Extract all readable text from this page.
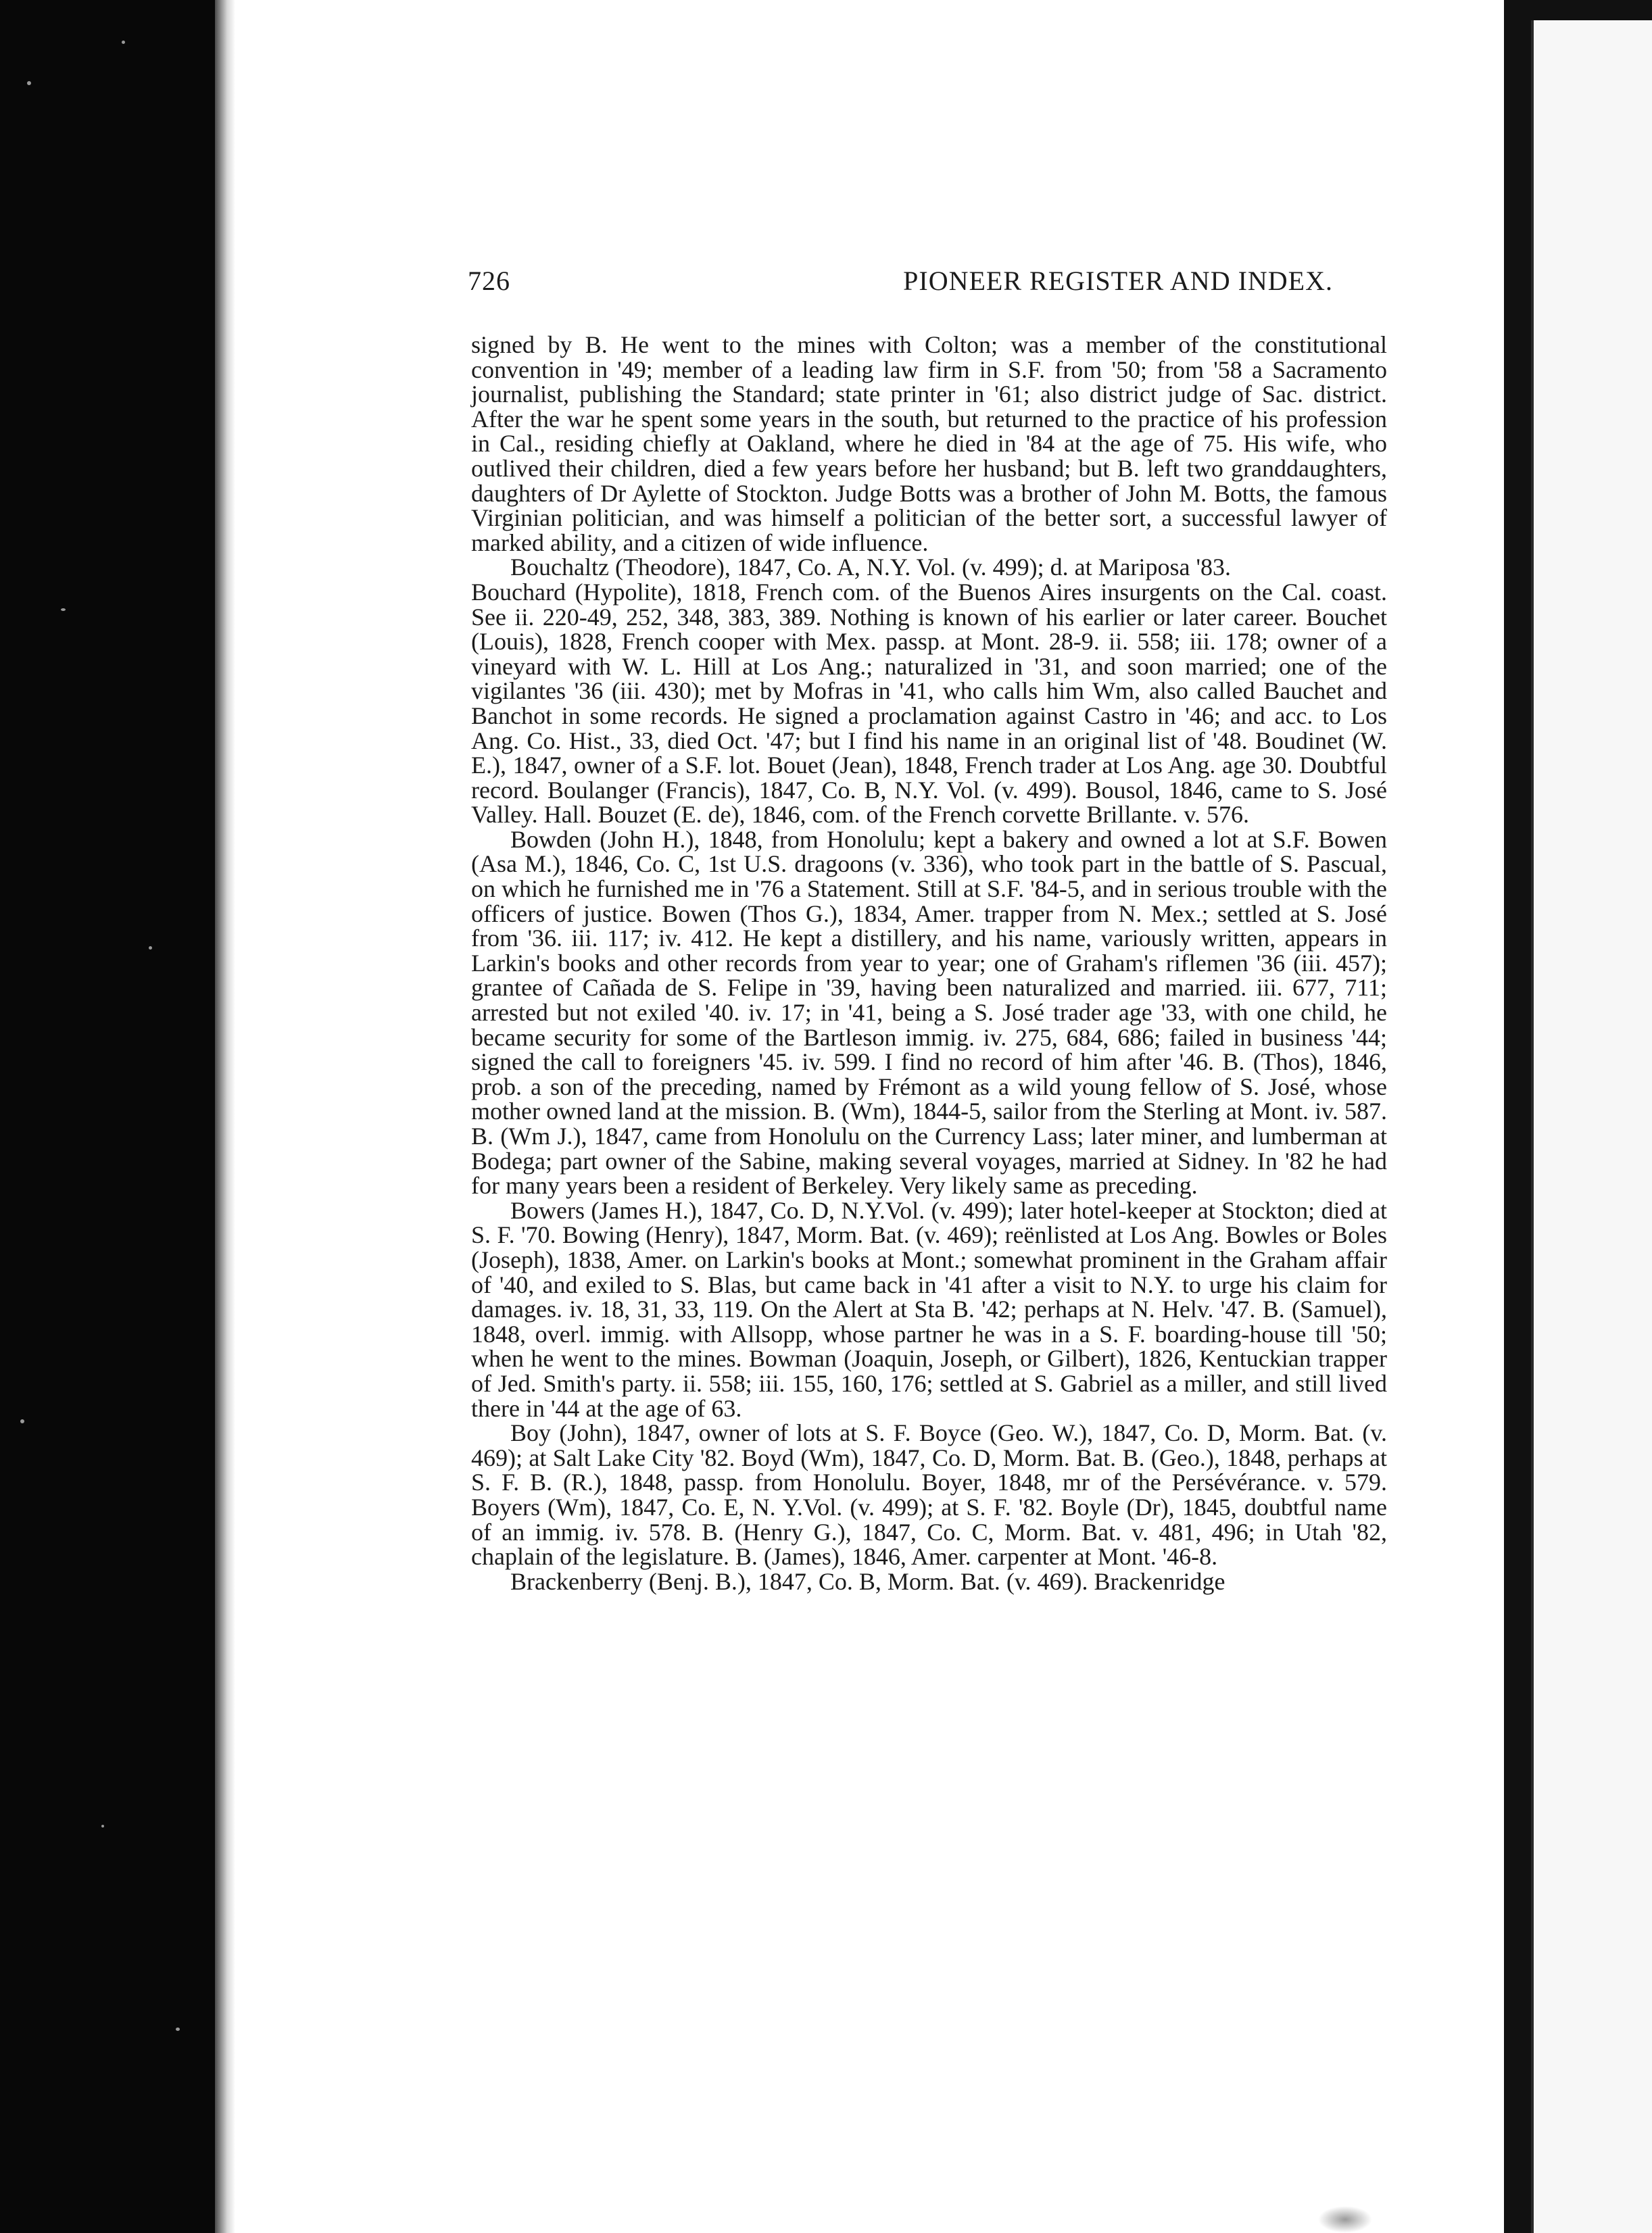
726	PIONEER REGISTER AND INDEX.

signed by B. He went to the mines with Colton; was a member of the constitutional convention in '49; member of a leading law firm in S.F. from '50; from '58 a Sacramento journalist, publishing the Standard; state printer in '61; also district judge of Sac. district. After the war he spent some years in the south, but returned to the practice of his profession in Cal., residing chiefly at Oakland, where he died in '84 at the age of 75. His wife, who outlived their children, died a few years before her husband; but B. left two granddaughters, daughters of Dr Aylette of Stockton. Judge Botts was a brother of John M. Botts, the famous Virginian politician, and was himself a politician of the better sort, a successful lawyer of marked ability, and a citizen of wide influence.

Bouchaltz (Theodore), 1847, Co. A, N.Y. Vol. (v. 499); d. at Mariposa '83.

Bouchard (Hypolite), 1818, French com. of the Buenos Aires insurgents on the Cal. coast. See ii. 220-49, 252, 348, 383, 389. Nothing is known of his earlier or later career. Bouchet (Louis), 1828, French cooper with Mex. passp. at Mont. 28-9. ii. 558; iii. 178; owner of a vineyard with W. L. Hill at Los Ang.; naturalized in '31, and soon married; one of the vigilantes '36 (iii. 430); met by Mofras in '41, who calls him Wm, also called Bauchet and Banchot in some records. He signed a proclamation against Castro in '46; and acc. to Los Ang. Co. Hist., 33, died Oct. '47; but I find his name in an original list of '48. Boudinet (W. E.), 1847, owner of a S.F. lot. Bouet (Jean), 1848, French trader at Los Ang. age 30. Doubtful record. Boulanger (Francis), 1847, Co. B, N.Y. Vol. (v. 499). Bousol, 1846, came to S. José Valley. Hall. Bouzet (E. de), 1846, com. of the French corvette Brillante. v. 576.

Bowden (John H.), 1848, from Honolulu; kept a bakery and owned a lot at S.F. Bowen (Asa M.), 1846, Co. C, 1st U.S. dragoons (v. 336), who took part in the battle of S. Pascual, on which he furnished me in '76 a Statement. Still at S.F. '84-5, and in serious trouble with the officers of justice. Bowen (Thos G.), 1834, Amer. trapper from N. Mex.; settled at S. José from '36. iii. 117; iv. 412. He kept a distillery, and his name, variously written, appears in Larkin's books and other records from year to year; one of Graham's riflemen '36 (iii. 457); grantee of Cañada de S. Felipe in '39, having been naturalized and married. iii. 677, 711; arrested but not exiled '40. iv. 17; in '41, being a S. José trader age '33, with one child, he became security for some of the Bartleson immig. iv. 275, 684, 686; failed in business '44; signed the call to foreigners '45. iv. 599. I find no record of him after '46. B. (Thos), 1846, prob. a son of the preceding, named by Frémont as a wild young fellow of S. José, whose mother owned land at the mission. B. (Wm), 1844-5, sailor from the Sterling at Mont. iv. 587. B. (Wm J.), 1847, came from Honolulu on the Currency Lass; later miner, and lumberman at Bodega; part owner of the Sabine, making several voyages, married at Sidney. In '82 he had for many years been a resident of Berkeley. Very likely same as preceding.

Bowers (James H.), 1847, Co. D, N.Y.Vol. (v. 499); later hotel-keeper at Stockton; died at S. F. '70. Bowing (Henry), 1847, Morm. Bat. (v. 469); reënlisted at Los Ang. Bowles or Boles (Joseph), 1838, Amer. on Larkin's books at Mont.; somewhat prominent in the Graham affair of '40, and exiled to S. Blas, but came back in '41 after a visit to N.Y. to urge his claim for damages. iv. 18, 31, 33, 119. On the Alert at Sta B. '42; perhaps at N. Helv. '47. B. (Samuel), 1848, overl. immig. with Allsopp, whose partner he was in a S. F. boarding-house till '50; when he went to the mines. Bowman (Joaquin, Joseph, or Gilbert), 1826, Kentuckian trapper of Jed. Smith's party. ii. 558; iii. 155, 160, 176; settled at S. Gabriel as a miller, and still lived there in '44 at the age of 63.

Boy (John), 1847, owner of lots at S. F. Boyce (Geo. W.), 1847, Co. D, Morm. Bat. (v. 469); at Salt Lake City '82. Boyd (Wm), 1847, Co. D, Morm. Bat. B. (Geo.), 1848, perhaps at S. F. B. (R.), 1848, passp. from Honolulu. Boyer, 1848, mr of the Persévérance. v. 579. Boyers (Wm), 1847, Co. E, N. Y.Vol. (v. 499); at S. F. '82. Boyle (Dr), 1845, doubtful name of an immig. iv. 578. B. (Henry G.), 1847, Co. C, Morm. Bat. v. 481, 496; in Utah '82, chaplain of the legislature. B. (James), 1846, Amer. carpenter at Mont. '46-8.

Brackenberry (Benj. B.), 1847, Co. B, Morm. Bat. (v. 469). Brackenridge
